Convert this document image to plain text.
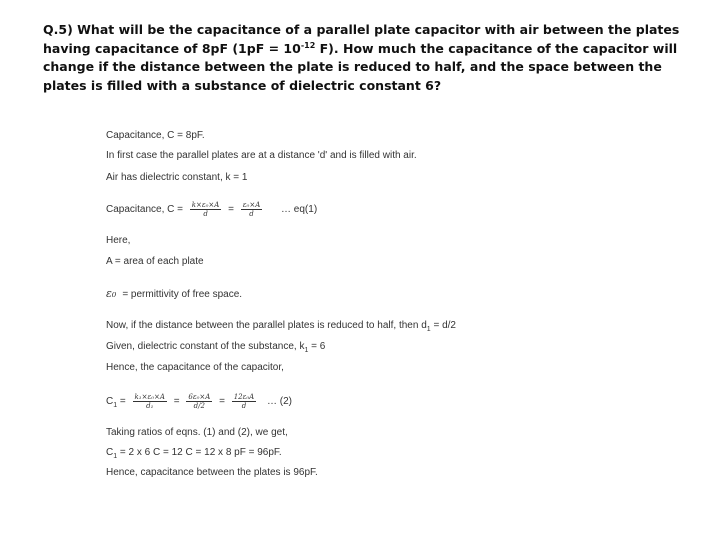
Q.5) What will be the capacitance of a parallel plate capacitor with air between the plates having capacitance of 8pF ($1pF = 10^{-12}$ F). How much the capacitance of the capacitor will change if the distance between the plate is reduced to half, and the space between the plates is filled with a substance of dielectric constant 6?
Capacitance, C = 8pF.
In first case the parallel plates are at a distance 'd' and is filled with air.
Air has dielectric constant, k = 1
Capacitance, $C = \frac{\text{k×ε₀×A}}{d} = \frac{\text{ε₀×A}}{d}$ … eq(1)
Here,
A = area of each plate
ε₀ = permittivity of free space.
Now, if the distance between the parallel plates is reduced to half, then $d_1 = d/2$
Given, dielectric constant of the substance, $k_1 = 6$
Hence, the capacitance of the capacitor,
$C_1 = \frac{\text{k₁×ε₀×A}}{\text{d₁}} = \frac{\text{6ε₀×A}}{d/2} = \frac{\text{12ε₀A}}{d}$ … (2)
Taking ratios of eqns. (1) and (2), we get,
$C_1 = 2$ x 6 C = 12 C = 12 x 8 pF = 96pF.
Hence, capacitance between the plates is 96pF.
